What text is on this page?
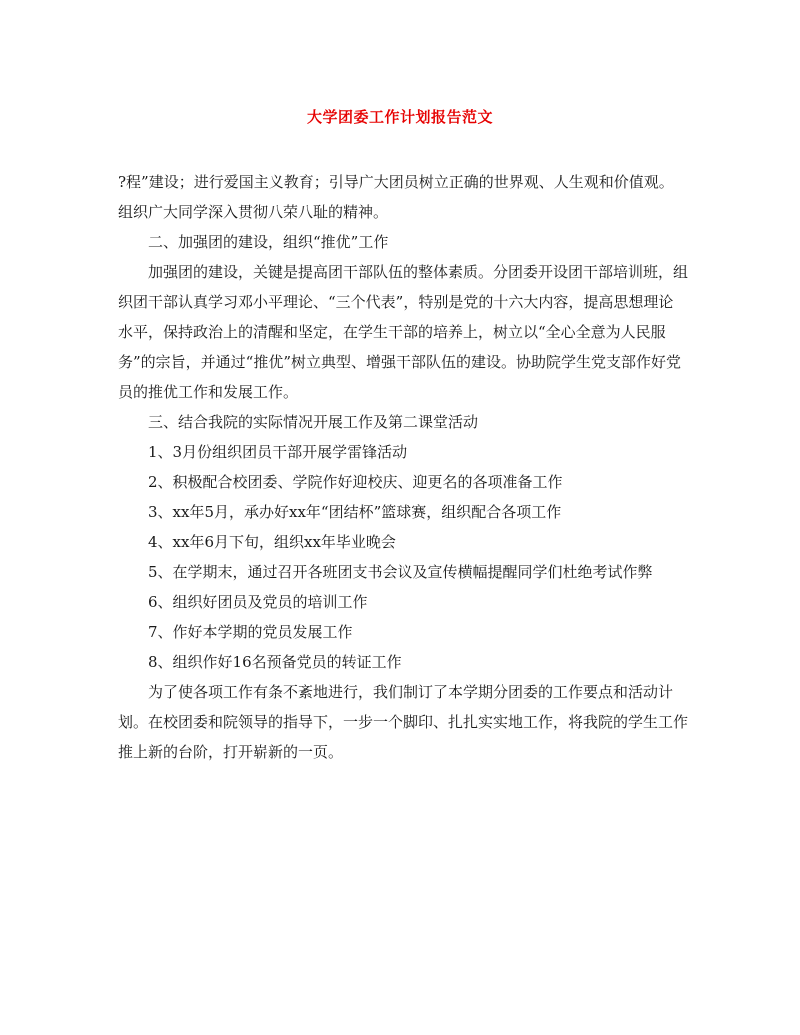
大学团委工作计划报告范文

?程”建设；进行爱国主义教育；引导广大团员树立正确的世界观、人生观和价值观。组织广大同学深入贯彻八荣八耻的精神。

二、加强团的建设，组织“推优”工作

加强团的建设，关键是提高团干部队伍的整体素质。分团委开设团干部培训班，组织团干部认真学习邓小平理论、“三个代表”，特别是党的十六大内容，提高思想理论水平，保持政治上的清醒和坚定，在学生干部的培养上，树立以“全心全意为人民服务”的宗旨，并通过“推优”树立典型、增强干部队伍的建设。协助院学生党支部作好党员的推优工作和发展工作。

三、结合我院的实际情况开展工作及第二课堂活动

1、3月份组织团员干部开展学雷锋活动

2、积极配合校团委、学院作好迎校庆、迎更名的各项准备工作

3、xx年5月，承办好xx年“团结杯”篮球赛，组织配合各项工作

4、xx年6月下旬，组织xx年毕业晚会

5、在学期末，通过召开各班团支书会议及宣传横幅提醒同学们杜绝考试作弊

6、组织好团员及党员的培训工作

7、作好本学期的党员发展工作

8、组织作好16名预备党员的转证工作

为了使各项工作有条不紊地进行，我们制订了本学期分团委的工作要点和活动计划。在校团委和院领导的指导下，一步一个脚印、扎扎实实地工作，将我院的学生工作推上新的台阶，打开崭新的一页。
